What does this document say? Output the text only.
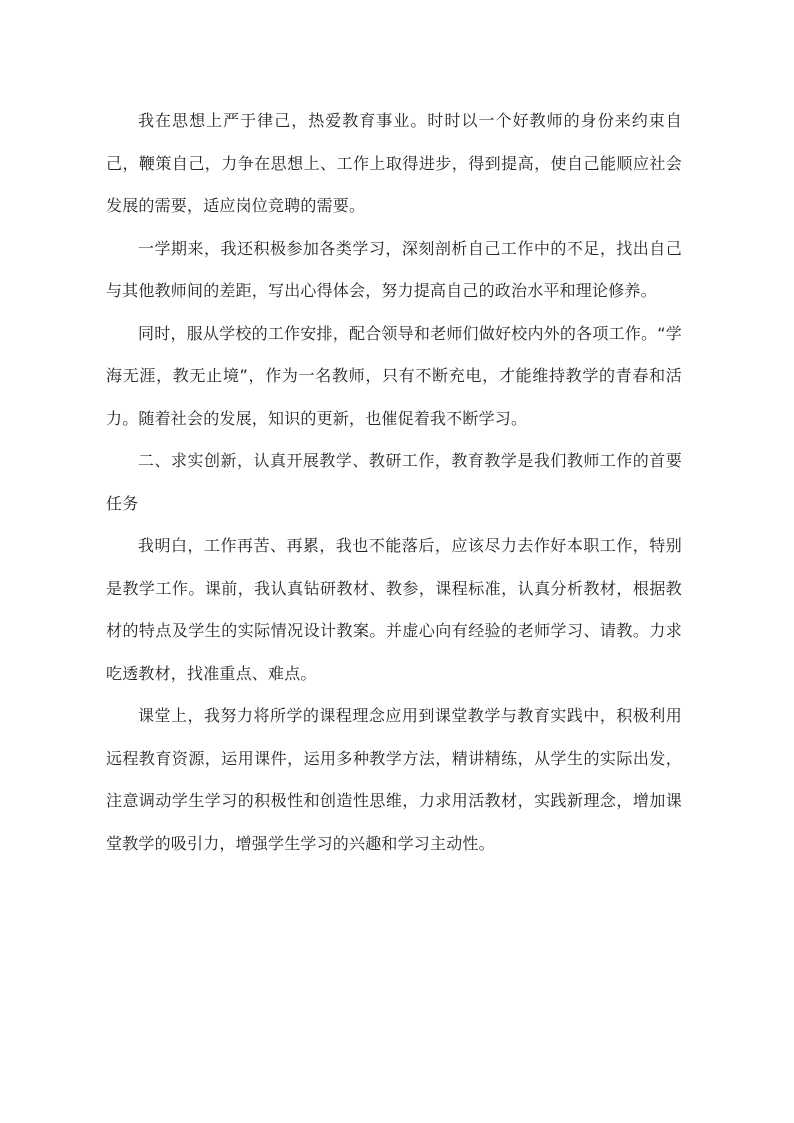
我在思想上严于律己，热爱教育事业。时时以一个好教师的身份来约束自己，鞭策自己，力争在思想上、工作上取得进步，得到提高，使自己能顺应社会发展的需要，适应岗位竞聘的需要。

一学期来，我还积极参加各类学习，深刻剖析自己工作中的不足，找出自己与其他教师间的差距，写出心得体会，努力提高自己的政治水平和理论修养。

同时，服从学校的工作安排，配合领导和老师们做好校内外的各项工作。“学海无涯，教无止境”，作为一名教师，只有不断充电，才能维持教学的青春和活力。随着社会的发展，知识的更新，也催促着我不断学习。

二、求实创新，认真开展教学、教研工作，教育教学是我们教师工作的首要任务

我明白，工作再苦、再累，我也不能落后，应该尽力去作好本职工作，特别是教学工作。课前，我认真钻研教材、教参，课程标准，认真分析教材，根据教材的特点及学生的实际情况设计教案。并虚心向有经验的老师学习、请教。力求吃透教材，找准重点、难点。

课堂上，我努力将所学的课程理念应用到课堂教学与教育实践中，积极利用远程教育资源，运用课件，运用多种教学方法，精讲精练，从学生的实际出发，注意调动学生学习的积极性和创造性思维，力求用活教材，实践新理念，增加课堂教学的吸引力，增强学生学习的兴趣和学习主动性。
